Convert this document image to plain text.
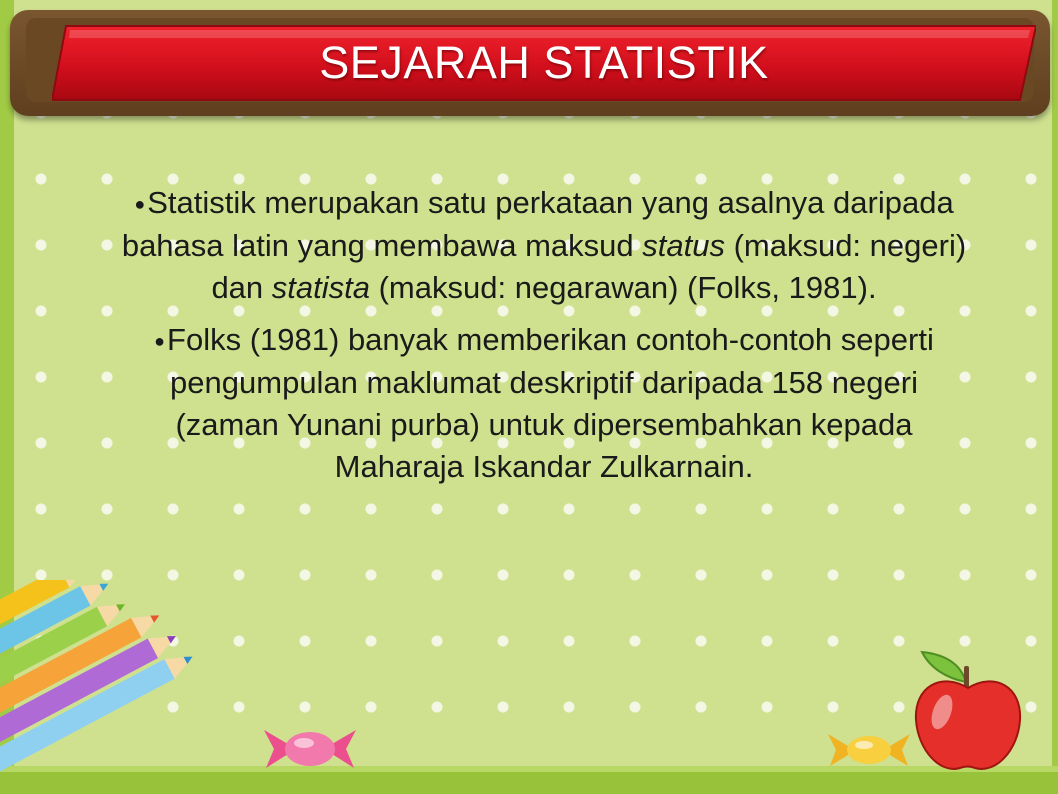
SEJARAH STATISTIK

●Statistik merupakan satu perkataan yang asalnya daripada bahasa latin yang membawa maksud status (maksud: negeri) dan statista (maksud: negarawan) (Folks, 1981).

●Folks (1981) banyak memberikan contoh-contoh seperti pengumpulan maklumat deskriptif daripada 158 negeri (zaman Yunani purba) untuk dipersembahkan kepada Maharaja Iskandar Zulkarnain.
